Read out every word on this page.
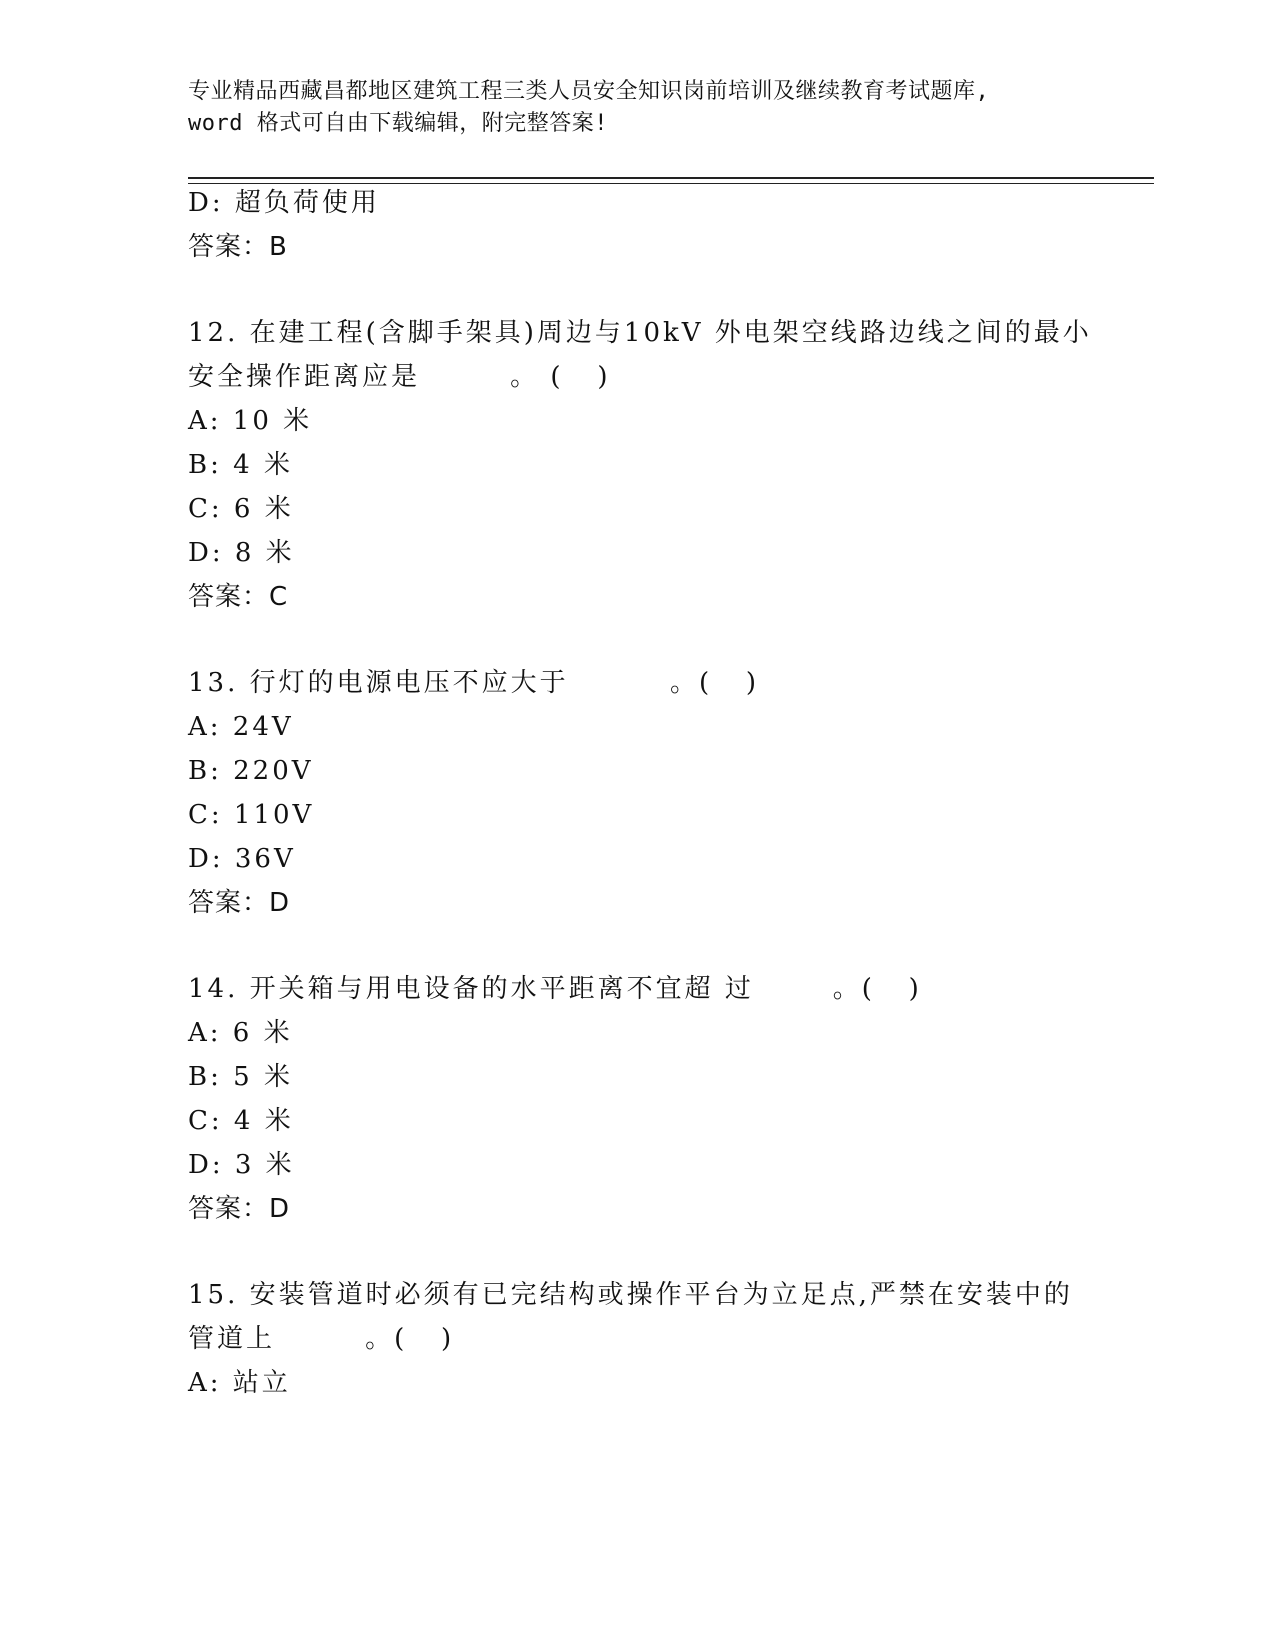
专业精品西藏昌都地区建筑工程三类人员安全知识岗前培训及继续教育考试题库,
word 格式可自由下载编辑，附完整答案!
D: 超负荷使用
答案：B
12. 在建工程(含脚手架具)周边与10kV 外电架空线路边线之间的最小
安全操作距离应是        。 (   )
A: 10 米
B: 4 米
C: 6 米
D: 8 米
答案：C
13. 行灯的电源电压不应大于         。(   )
A: 24V
B: 220V
C: 110V
D: 36V
答案：D
14. 开关箱与用电设备的水平距离不宜超 过       。(   )
A: 6 米
B: 5 米
C: 4 米
D: 3 米
答案：D
15. 安装管道时必须有已完结构或操作平台为立足点,严禁在安装中的
管道上        。(   )
A: 站立
